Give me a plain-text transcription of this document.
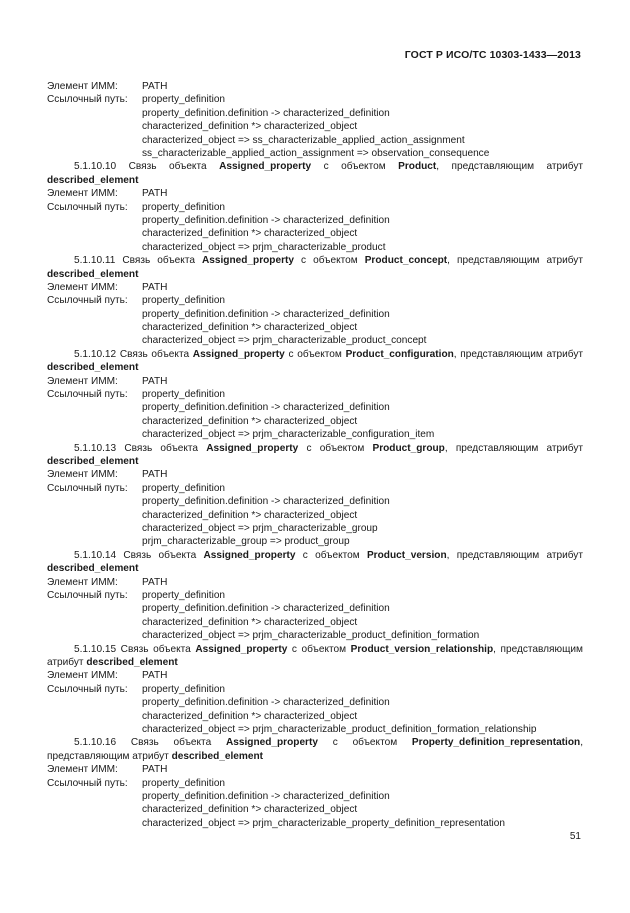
ГОСТ Р ИСО/ТС 10303-1433—2013
Элемент ИММ: PATH
Ссылочный путь: property_definition
property_definition.definition -> characterized_definition
characterized_definition *> characterized_object
characterized_object => ss_characterizable_applied_action_assignment
ss_characterizable_applied_action_assignment => observation_consequence
5.1.10.10 Связь объекта Assigned_property с объектом Product, представляющим атрибут described_element
Элемент ИММ: PATH
Ссылочный путь: property_definition
property_definition.definition -> characterized_definition
characterized_definition *> characterized_object
characterized_object => prjm_characterizable_product
5.1.10.11 Связь объекта Assigned_property с объектом Product_concept, представляющим атрибут described_element
Элемент ИММ: PATH
Ссылочный путь: property_definition
property_definition.definition -> characterized_definition
characterized_definition *> characterized_object
characterized_object => prjm_characterizable_product_concept
5.1.10.12 Связь объекта Assigned_property с объектом Product_configuration, представляющим атрибут described_element
Элемент ИММ: PATH
Ссылочный путь: property_definition
property_definition.definition -> characterized_definition
characterized_definition *> characterized_object
characterized_object => prjm_characterizable_configuration_item
5.1.10.13 Связь объекта Assigned_property с объектом Product_group, представляющим атрибут described_element
Элемент ИММ: PATH
Ссылочный путь: property_definition
property_definition.definition -> characterized_definition
characterized_definition *> characterized_object
characterized_object => prjm_characterizable_group
prjm_characterizable_group => product_group
5.1.10.14 Связь объекта Assigned_property с объектом Product_version, представляющим атрибут described_element
Элемент ИММ: PATH
Ссылочный путь: property_definition
property_definition.definition -> characterized_definition
characterized_definition *> characterized_object
characterized_object => prjm_characterizable_product_definition_formation
5.1.10.15 Связь объекта Assigned_property с объектом Product_version_relationship, представляющим атрибут described_element
Элемент ИММ: PATH
Ссылочный путь: property_definition
property_definition.definition -> characterized_definition
characterized_definition *> characterized_object
characterized_object => prjm_characterizable_product_definition_formation_relationship
5.1.10.16 Связь объекта Assigned_property с объектом Property_definition_representation, представляющим атрибут described_element
Элемент ИММ: PATH
Ссылочный путь: property_definition
property_definition.definition -> characterized_definition
characterized_definition *> characterized_object
characterized_object => prjm_characterizable_property_definition_representation
51
